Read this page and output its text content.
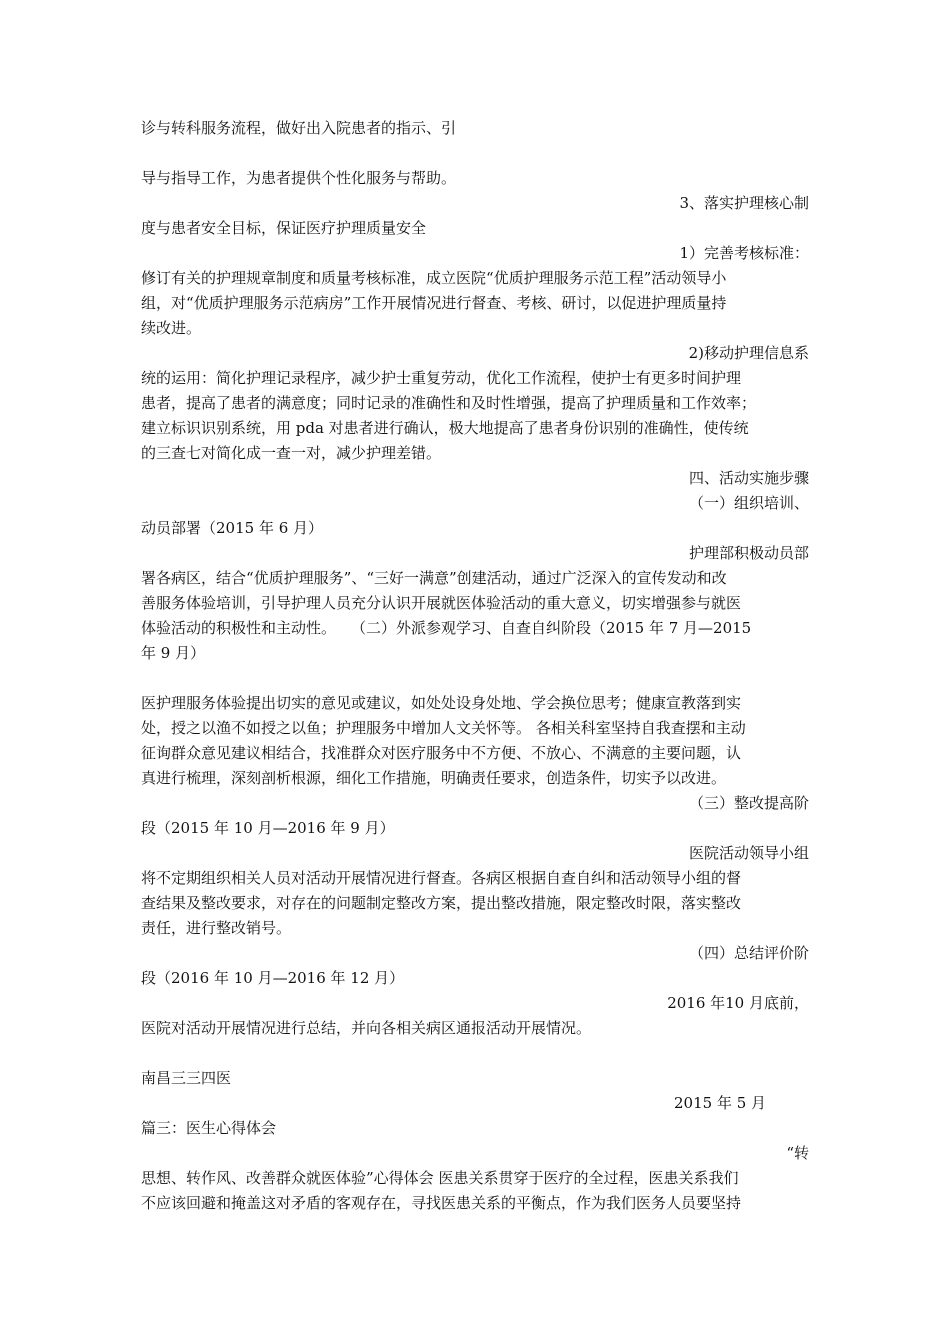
诊与转科服务流程，做好出入院患者的指示、引
导与指导工作，为患者提供个性化服务与帮助。
3、落实护理核心制
度与患者安全目标，保证医疗护理质量安全
1）完善考核标准：
修订有关的护理规章制度和质量考核标准，成立医院“优质护理服务示范工程”活动领导小
组，对“优质护理服务示范病房”工作开展情况进行督查、考核、研讨，以促进护理质量持
续改进。
2)移动护理信息系
统的运用：简化护理记录程序，减少护士重复劳动，优化工作流程，使护士有更多时间护理
患者，提高了患者的满意度；同时记录的准确性和及时性增强，提高了护理质量和工作效率；
建立标识识别系统，用 pda 对患者进行确认，极大地提高了患者身份识别的准确性，使传统
的三查七对简化成一查一对，减少护理差错。
四、活动实施步骤
（一）组织培训、
动员部署（2015 年 6 月）
护理部积极动员部
署各病区，结合“优质护理服务”、“三好一满意”创建活动，通过广泛深入的宣传发动和改
善服务体验培训，引导护理人员充分认识开展就医体验活动的重大意义，切实增强参与就医
体验活动的积极性和主动性。　　（二）外派参观学习、自查自纠阶段（2015 年 7 月—2015
年 9 月）
医护理服务体验提出切实的意见或建议，如处处设身处地、学会换位思考；健康宣教落到实
处，授之以渔不如授之以鱼；护理服务中增加人文关怀等。 各相关科室坚持自我查摆和主动
征询群众意见建议相结合，找准群众对医疗服务中不方便、不放心、不满意的主要问题，认
真进行梳理，深刻剖析根源，细化工作措施，明确责任要求，创造条件，切实予以改进。
（三）整改提高阶
段（2015 年 10 月—2016 年 9 月）
医院活动领导小组
将不定期组织相关人员对活动开展情况进行督查。各病区根据自查自纠和活动领导小组的督
查结果及整改要求，对存在的问题制定整改方案，提出整改措施，限定整改时限，落实整改
责任，进行整改销号。
（四）总结评价阶
段（2016 年 10 月—2016 年 12 月）
2016 年10 月底前，
医院对活动开展情况进行总结，并向各相关病区通报活动开展情况。
南昌三三四医
2015 年 5 月
篇三：医生心得体会
“转
思想、转作风、改善群众就医体验”心得体会 医患关系贯穿于医疗的全过程，医患关系我们
不应该回避和掩盖这对矛盾的客观存在，寻找医患关系的平衡点，作为我们医务人员要坚持
